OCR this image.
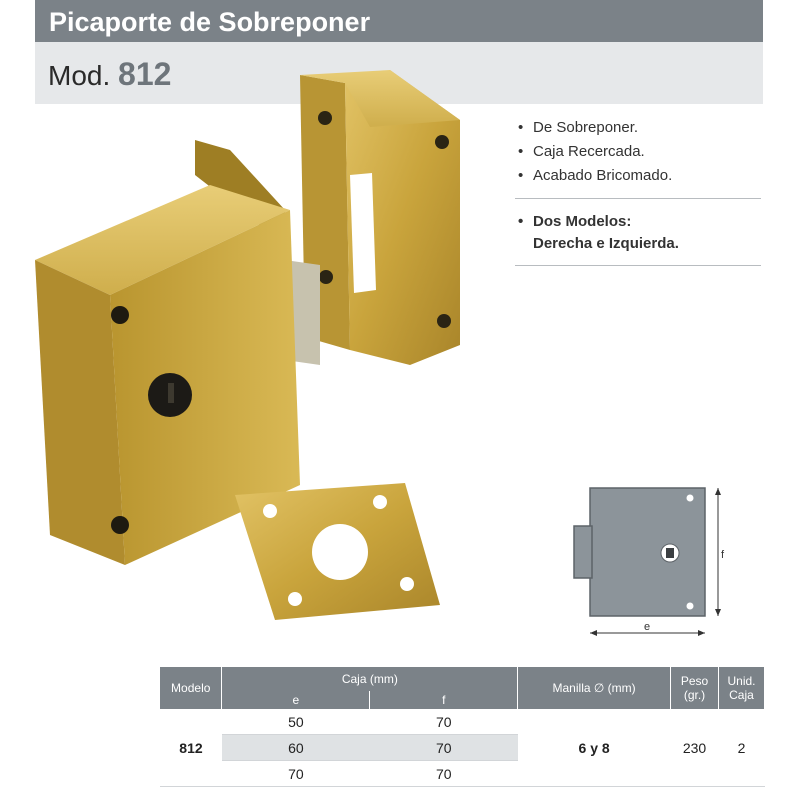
Picaporte de Sobreponer
Mod. 812
• De Sobreponer.
• Caja Recercada.
• Acabado Bricomado.
• Dos Modelos:
Derecha e Izquierda.
f
e
Modelo	Caja (mm)		Manilla ∅ (mm)	Peso (gr.)	Unid. Caja
	e	f			
812	50	70	6 y 8	230	2
	60	70			
	70	70			
